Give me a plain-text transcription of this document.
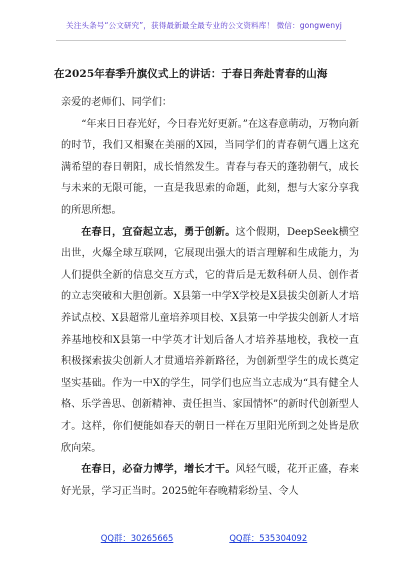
关注头条号“公文研究”，获得最新最全最专业的公文资料库！ 微信：gongwenyj
在2025年春季升旗仪式上的讲话：于春日奔赴青春的山海

亲爱的老师们、同学们：

“年来日日春光好，今日春光好更新。”在这春意萌动，万物向新的时节，我们又相聚在美丽的X园，当同学们的青春朝气遇上这充满希望的春日朝阳，成长悄然发生。青春与春天的蓬勃朝气，成长与未来的无限可能，一直是我思索的命题，此刻，想与大家分享我的所思所想。

在春日，宜奋起立志，勇于创新。这个假期，DeepSeek横空出世，火爆全球互联网，它展现出强大的语言理解和生成能力，为人们提供全新的信息交互方式，它的背后是无数科研人员、创作者的立志突破和大胆创新。X县第一中学X学校是X县拔尖创新人才培养试点校、X县超常儿童培养项目校、X县第一中学拔尖创新人才培养基地校和X县第一中学英才计划后备人才培养基地校，我校一直积极探索拔尖创新人才贯通培养新路径，为创新型学生的成长奠定坚实基础。作为一中X的学生，同学们也应当立志成为“具有健全人格、乐学善思、创新精神、责任担当、家国情怀”的新时代创新型人才。这样，你们便能如春天的朝日一样在万里阳光所到之处皆是欣欣向荣。

在春日，必奋力博学，增长才干。风轻气暖，花开正盛，春来好光景，学习正当时。2025蛇年春晚精彩纷呈、令人

QQ群：30265665	QQ群：535304092
